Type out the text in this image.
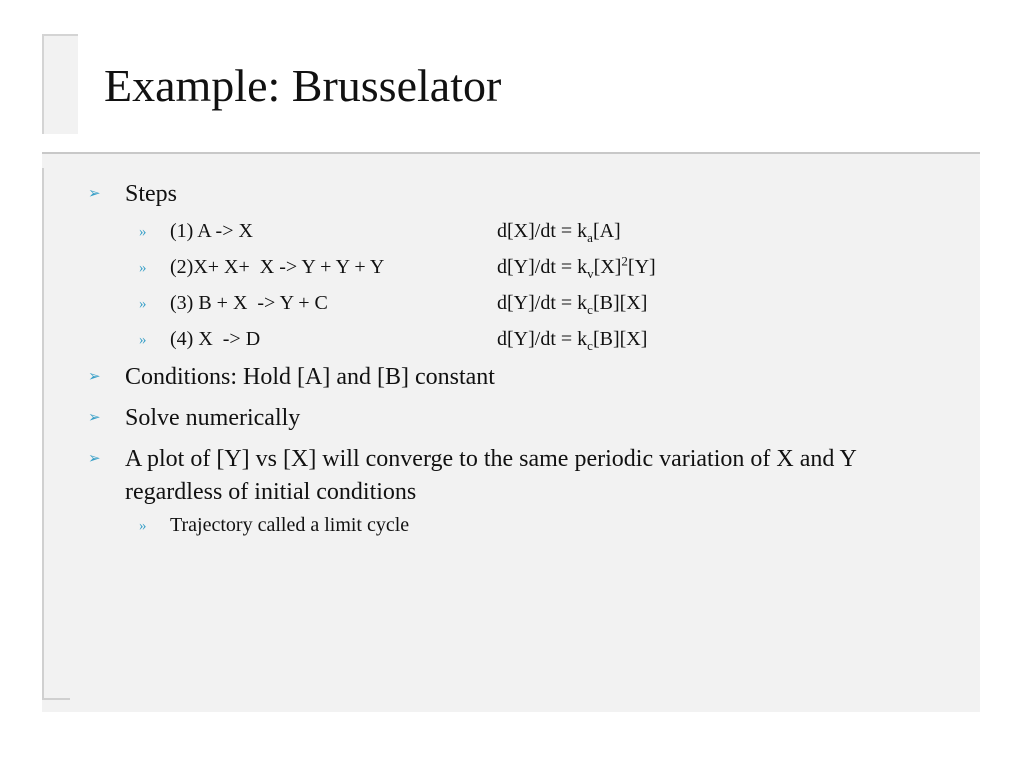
Example: Brusselator
➢ Steps
» (1) A -> X	$d[X]/dt = k_a[A]$
» (2)X+ X+  X -> Y + Y + Y	$d[Y]/dt = k_v[X]^2[Y]$
» (3) B + X  -> Y + C	$d[Y]/dt = k_c[B][X]$
» (4) X  -> D	$d[Y]/dt = k_c[B][X]$
➢ Conditions: Hold [A] and [B] constant
➢ Solve numerically
➢ A plot of [Y] vs [X] will converge to the same periodic variation of X and Y regardless of initial conditions
» Trajectory called a limit cycle
